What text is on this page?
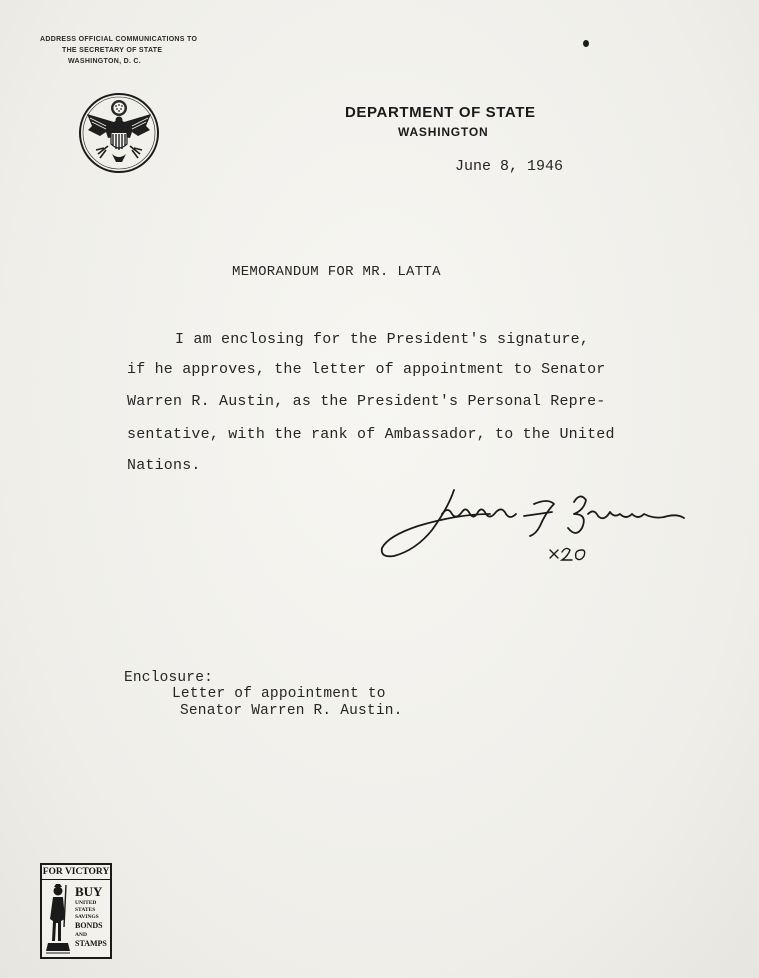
ADDRESS OFFICIAL COMMUNICATIONS TO
THE SECRETARY OF STATE
WASHINGTON, D. C.
DEPARTMENT OF STATE
WASHINGTON
June 8, 1946
MEMORANDUM FOR MR. LATTA
I am enclosing for the President's signature,
if he approves, the letter of appointment to Senator
Warren R. Austin, as the President's Personal Repre-
sentative, with the rank of Ambassador, to the United
Nations.
Enclosure:
Letter of appointment to
Senator Warren R. Austin.
FOR VICTORY
BUY
UNITED
STATES
SAVINGS
BONDS
AND
STAMPS
